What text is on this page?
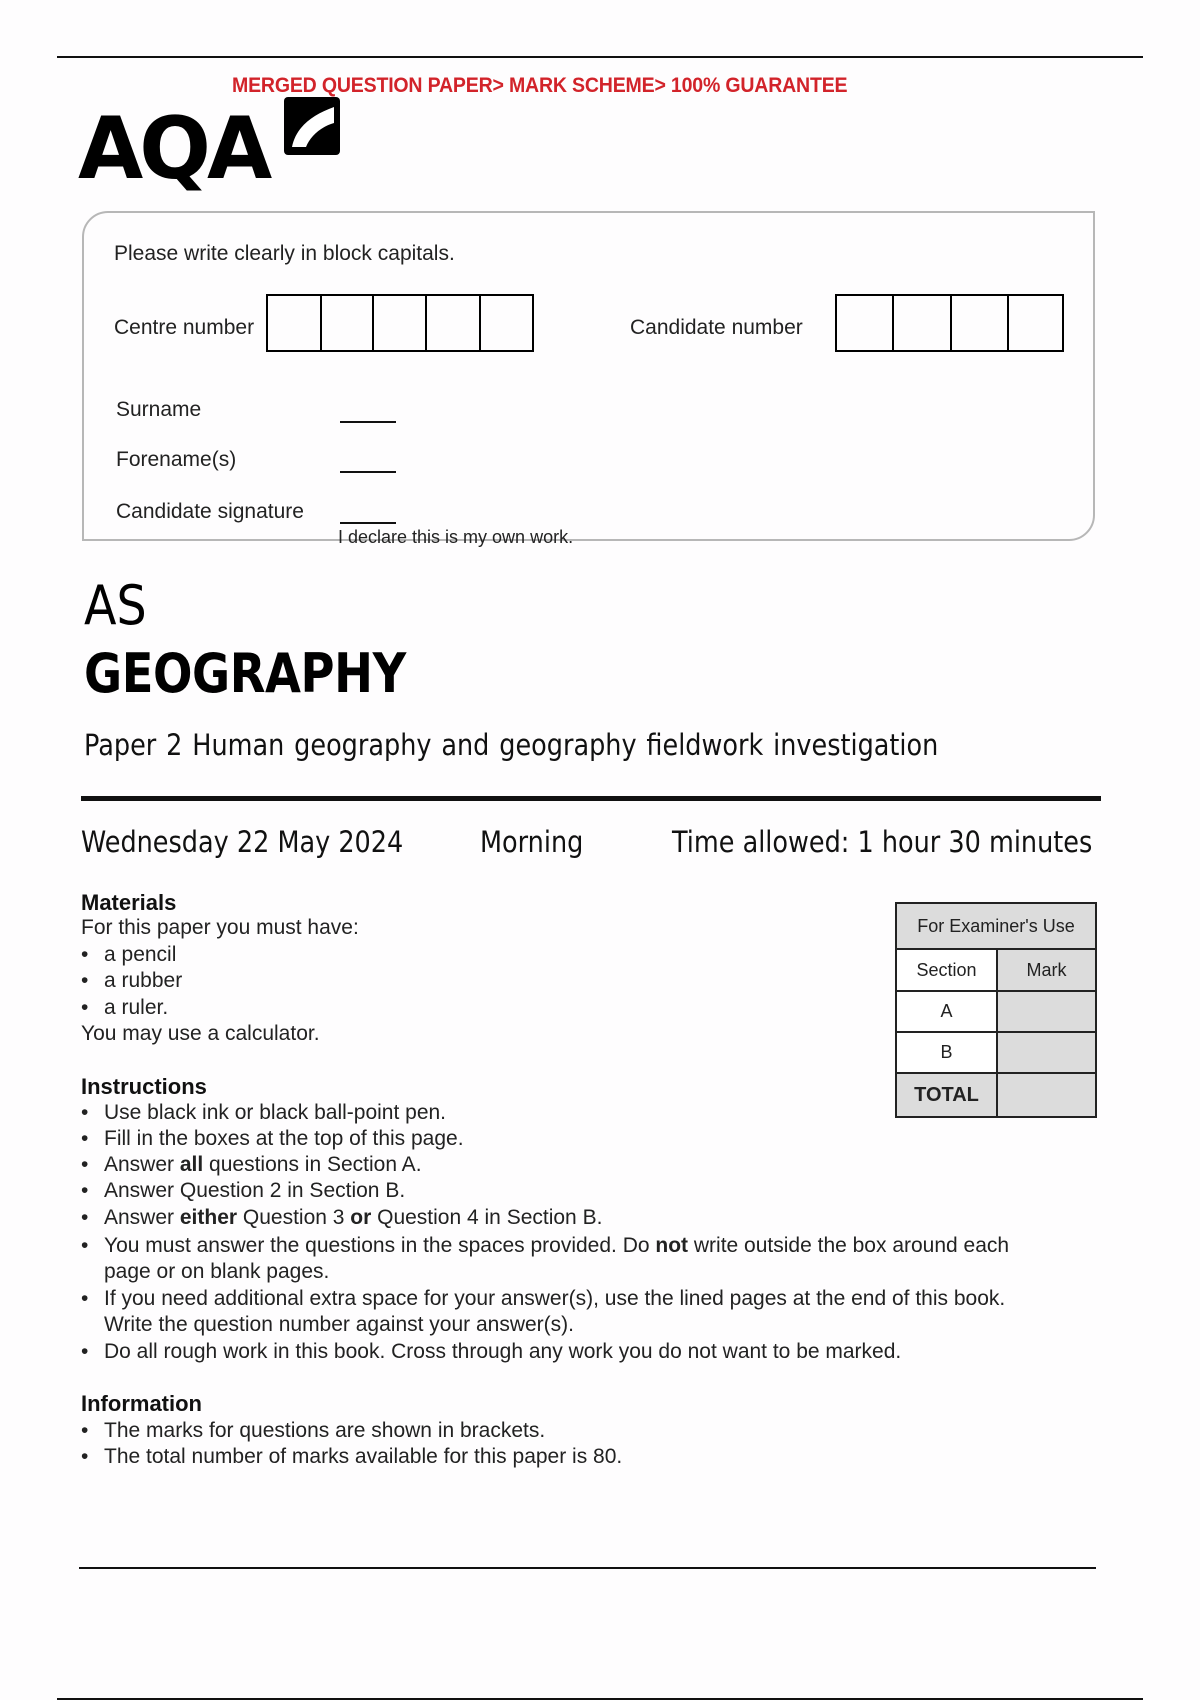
MERGED QUESTION PAPER> MARK SCHEME> 100% GUARANTEE
AQA
Please write clearly in block capitals.
Centre number	Candidate number
Surname
Forename(s)
Candidate signature
I declare this is my own work.
AS
GEOGRAPHY
Paper 2 Human geography and geography fieldwork investigation
Wednesday 22 May 2024	Morning	Time allowed: 1 hour 30 minutes
Materials
For this paper you must have:
• a pencil
• a rubber
• a ruler.
You may use a calculator.
Instructions
• Use black ink or black ball-point pen.
• Fill in the boxes at the top of this page.
• Answer all questions in Section A.
• Answer Question 2 in Section B.
• Answer either Question 3 or Question 4 in Section B.
• You must answer the questions in the spaces provided. Do not write outside the box around each
page or on blank pages.
• If you need additional extra space for your answer(s), use the lined pages at the end of this book.
Write the question number against your answer(s).
• Do all rough work in this book. Cross through any work you do not want to be marked.
Information
• The marks for questions are shown in brackets.
• The total number of marks available for this paper is 80.
For Examiner's Use	
Section	Mark
A	
B	
TOTAL	
